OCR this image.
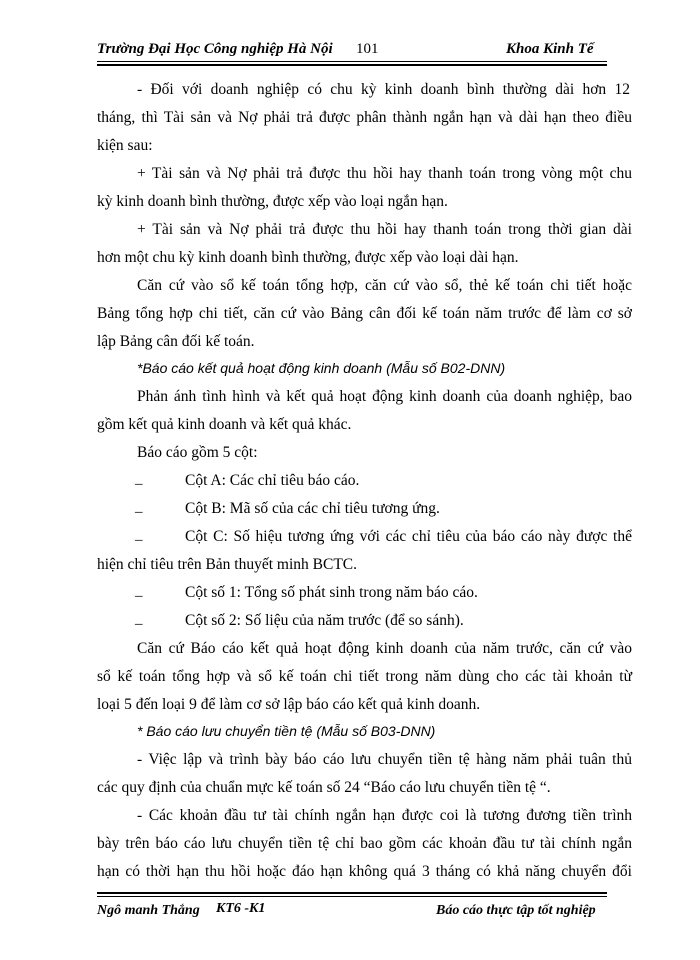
Trường Đại Học Công nghiệp Hà Nội 101	Khoa Kinh Tế
- Đối với doanh nghiệp có chu kỳ kinh doanh bình thường dài hơn 12
tháng, thì Tài sản và Nợ phải trả được phân thành ngắn hạn và dài hạn theo điều
kiện sau:
+ Tài sản và Nợ phải trả được thu hồi hay thanh toán trong vòng một chu
kỳ kinh doanh bình thường, được xếp vào loại ngắn hạn.
+ Tài sản và Nợ phải trả được thu hồi hay thanh toán trong thời gian dài
hơn một chu kỳ kinh doanh bình thường, được xếp vào loại dài hạn.
Căn cứ vào sổ kế toán tổng hợp, căn cứ vào sổ, thẻ kế toán chi tiết hoặc
Bảng tổng hợp chi tiết, căn cứ vào Bảng cân đối kế toán năm trước để làm cơ sở
lập Bảng cân đối kế toán.
*Báo cáo kết quả hoạt động kinh doanh (Mẫu số B02-DNN)
Phản ánh tình hình và kết quả hoạt động kinh doanh của doanh nghiệp, bao
gồm kết quả kinh doanh và kết quả khác.
Báo cáo gồm 5 cột:
_	Cột A: Các chỉ tiêu báo cáo.
_	Cột B: Mã số của các chỉ tiêu tương ứng.
_	Cột C: Số hiệu tương ứng với các chỉ tiêu của báo cáo này được thể
hiện chỉ tiêu trên Bản thuyết minh BCTC.
_	Cột số 1: Tổng số phát sinh trong năm báo cáo.
_	Cột số 2: Số liệu của năm trước (để so sánh).
Căn cứ Báo cáo kết quả hoạt động kinh doanh của năm trước, căn cứ vào
sổ kế toán tổng hợp và sổ kế toán chi tiết trong năm dùng cho các tài khoản từ
loại 5 đến loại 9 để làm cơ sở lập báo cáo kết quả kinh doanh.
* Báo cáo lưu chuyển tiền tệ (Mẫu số B03-DNN)
- Việc lập và trình bày báo cáo lưu chuyển tiền tệ hàng năm phải tuân thủ
các quy định của chuẩn mực kế toán số 24 “Báo cáo lưu chuyển tiền tệ “.
- Các khoản đầu tư tài chính ngắn hạn được coi là tương đương tiền trình
bày trên báo cáo lưu chuyển tiền tệ chỉ bao gồm các khoản đầu tư tài chính ngắn
hạn có thời hạn thu hồi hoặc đáo hạn không quá 3 tháng có khả năng chuyển đổi
Ngô manh Thắng KT6 -K1	Báo cáo thực tập tốt nghiệp
